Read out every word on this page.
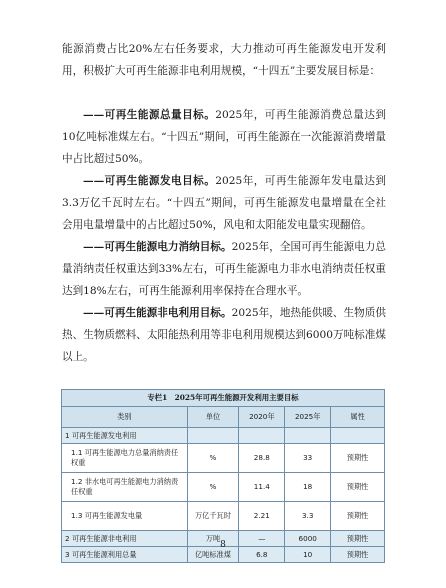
能源消费占比20%左右任务要求，大力推动可再生能源发电开发利用，积极扩大可再生能源非电利用规模，“十四五”主要发展目标是：

——可再生能源总量目标。2025年，可再生能源消费总量达到10亿吨标准煤左右。“十四五”期间，可再生能源在一次能源消费增量中占比超过50%。

——可再生能源发电目标。2025年，可再生能源年发电量达到3.3万亿千瓦时左右。“十四五”期间，可再生能源发电量增量在全社会用电量增量中的占比超过50%，风电和太阳能发电量实现翻倍。

——可再生能源电力消纳目标。2025年，全国可再生能源电力总量消纳责任权重达到33%左右，可再生能源电力非水电消纳责任权重达到18%左右，可再生能源利用率保持在合理水平。

——可再生能源非电利用目标。2025年，地热能供暖、生物质供热、生物质燃料、太阳能热利用等非电利用规模达到6000万吨标准煤以上。

专栏1　2025年可再生能源开发利用主要目标				
类别	单位	2020年	2025年	属性
1 可再生能源发电利用				
1.1 可再生能源电力总量消纳责任权重	%	28.8	33	预期性
1.2 非水电可再生能源电力消纳责任权重	%	11.4	18	预期性
1.3 可再生能源发电量	万亿千瓦时	2.21	3.3	预期性
2 可再生能源非电利用	万吨	—	6000	预期性
3 可再生能源利用总量	亿吨标准煤	6.8	10	预期性
8
